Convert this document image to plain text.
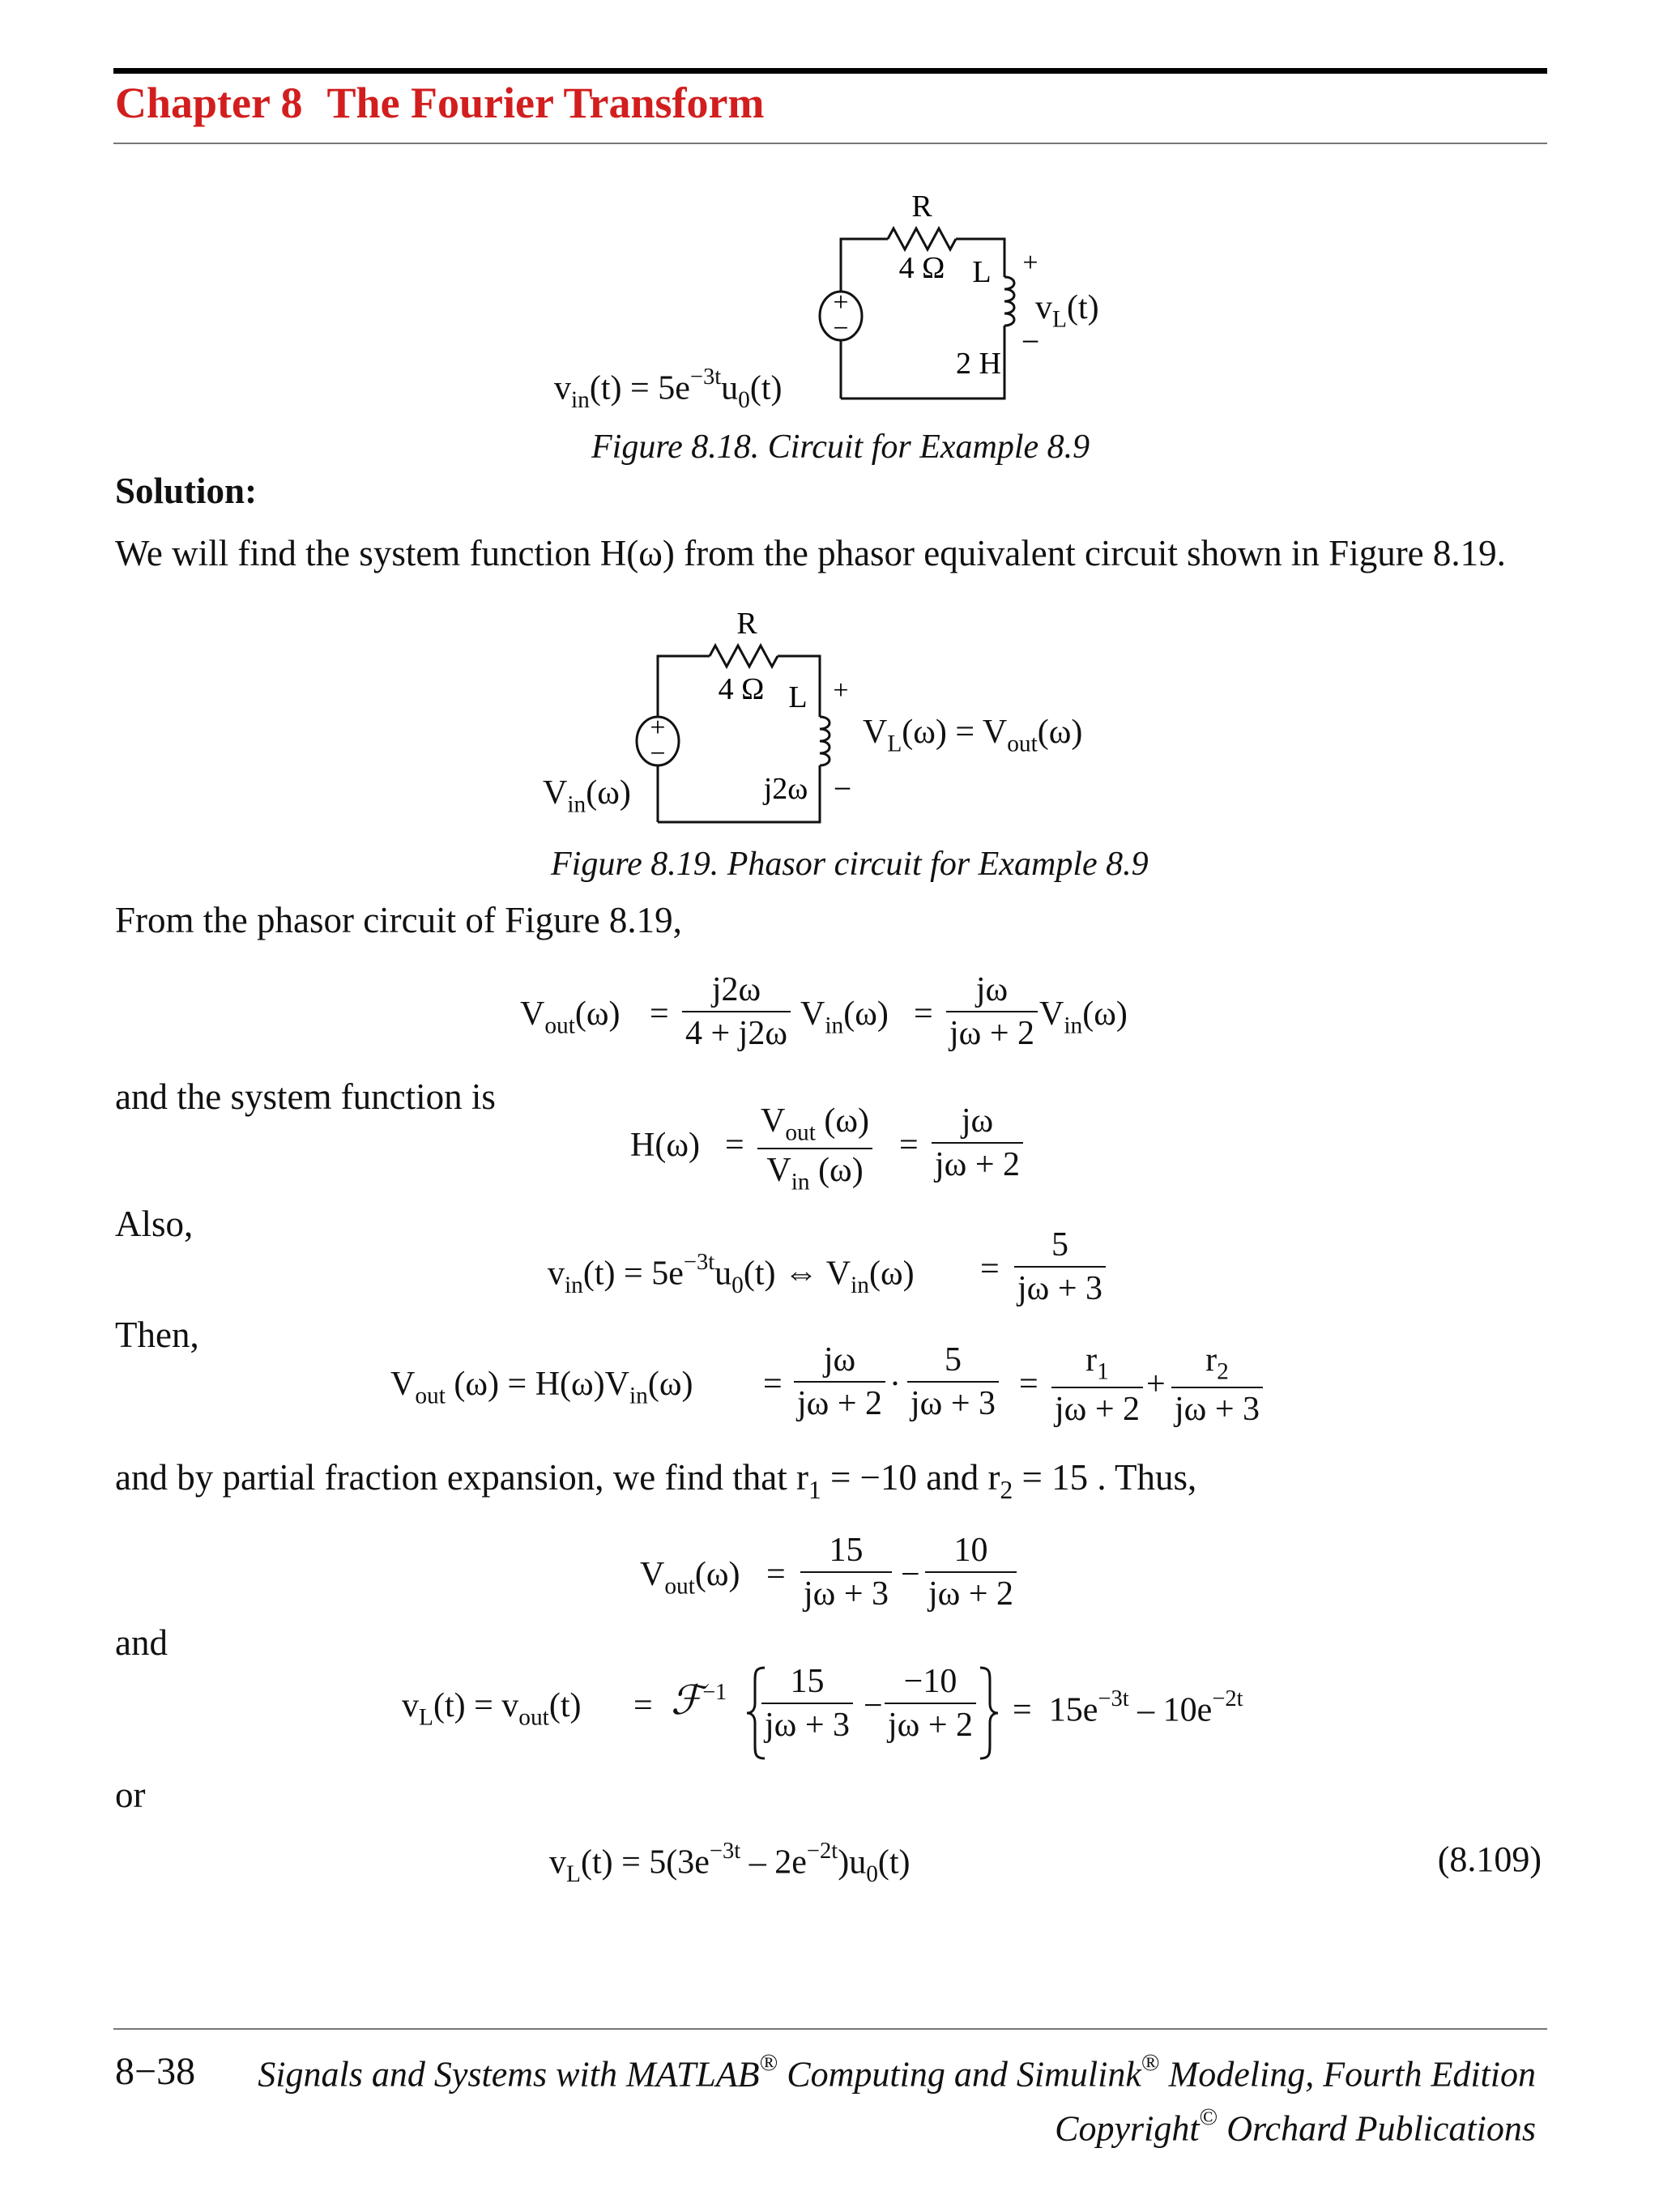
Chapter 8 The Fourier Transform
+
−
R
4 Ω L
2 H
+
−
$v_L(t)$
$v_{in}(t) = 5e^{-3t}u_0(t)$
Figure 8.18. Circuit for Example 8.9
Solution:
We will find the system function H(ω) from the phasor equivalent circuit shown in Figure 8.19.
+
−
R
4 Ω L
j2ω
+
−
$V_L(\omega) = V_{out}(\omega)$
$V_{in}(\omega)$
Figure 8.19. Phasor circuit for Example 8.9
From the phasor circuit of Figure 8.19,
$V_{out}(\omega)$ =
j2ω
4 + j2ω
$V_{in}(\omega)$ =
jω
jω + 2
$V_{in}(\omega)$
and the system function is
H(ω) =
$V_{out}$ (ω)
$V_{in}$ (ω)
=
jω
jω + 2
Also,
$v_{in}(t) = 5e^{-3t}u_0(t)$ ⇔ $V_{in}(\omega)$ =
5
jω + 3
Then,
$V_{out}$ $(\omega) = H(\omega)V_{in}(\omega)$ =
jω
jω + 2
·
5
jω + 3
=
$r_1$
jω + 2
+
$r_2$
jω + 3
and by partial fraction expansion, we find that $r_1 = -10$ and $r_2 = 15$ . Thus,
$V_{out}(\omega)$ =
15
jω + 3
−
10
jω + 2
and
$v_L(t) = v_{out}(t)$ = ℱ$^{-1}$	15
jω + 3
−
−10
$j\omega + 2 = 15e^{-3t} - 10e^{-2t}$
or
$v_L(t) = 5(3e^{-3t} - 2e^{-2t})u_0(t)$	(8.109)
8−38 Signals and Systems with MATLAB® Computing and Simulink® Modeling, Fourth Edition
Copyright© Orchard Publications
